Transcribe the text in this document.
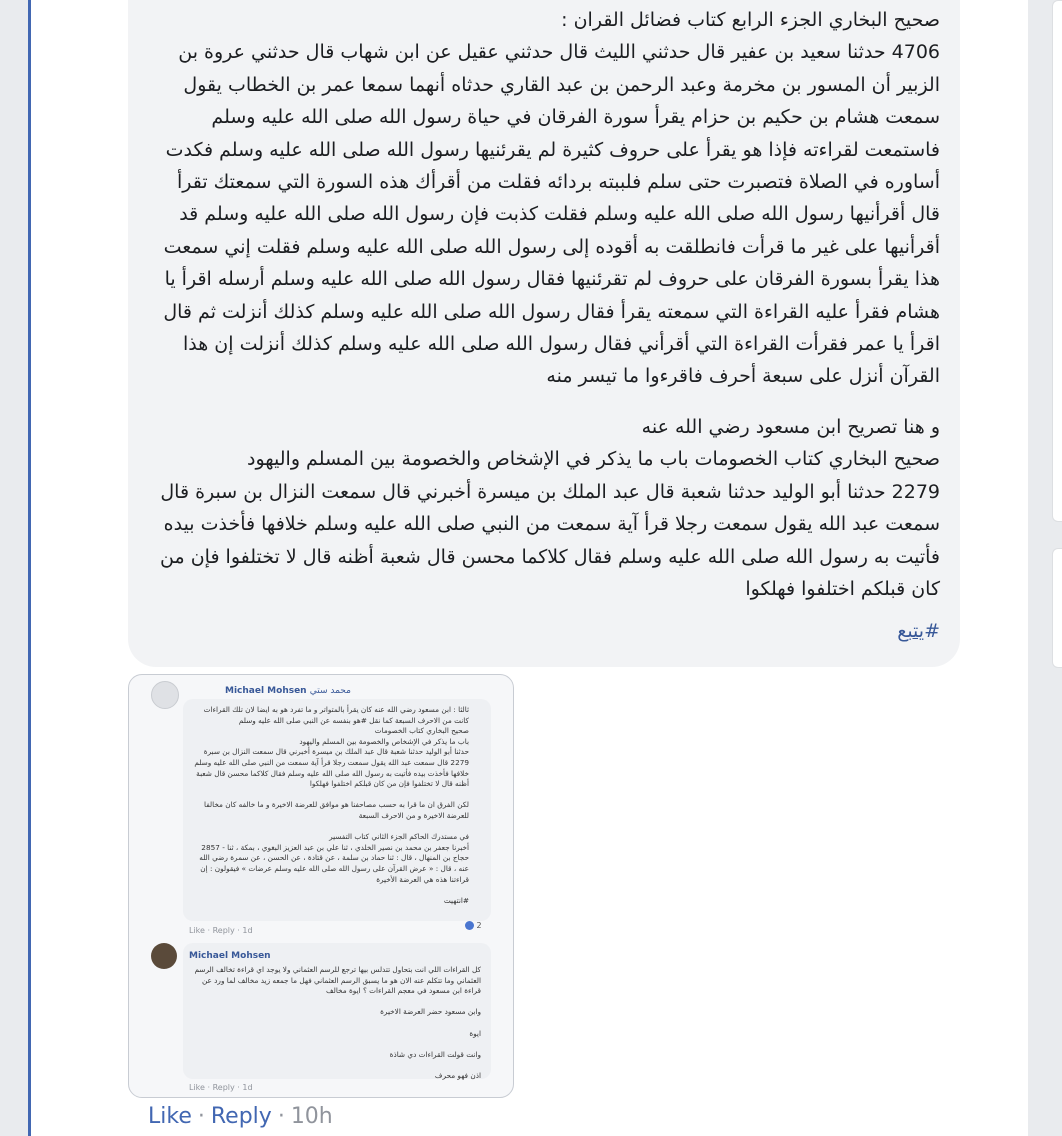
صحيح البخاري الجزء الرابع كتاب فضائل القران :
4706 حدثنا سعيد بن عفير قال حدثني الليث قال حدثني عقيل عن ابن شهاب قال حدثني عروة بن الزبير أن المسور بن مخرمة وعبد الرحمن بن عبد القاري حدثاه أنهما سمعا عمر بن الخطاب يقول سمعت هشام بن حكيم بن حزام يقرأ سورة الفرقان في حياة رسول الله صلى الله عليه وسلم فاستمعت لقراءته فإذا هو يقرأ على حروف كثيرة لم يقرئنيها رسول الله صلى الله عليه وسلم فكدت أساوره في الصلاة فتصبرت حتى سلم فلببته بردائه فقلت من أقرأك هذه السورة التي سمعتك تقرأ قال أقرأنيها رسول الله صلى الله عليه وسلم فقلت كذبت فإن رسول الله صلى الله عليه وسلم قد أقرأنيها على غير ما قرأت فانطلقت به أقوده إلى رسول الله صلى الله عليه وسلم فقلت إني سمعت هذا يقرأ بسورة الفرقان على حروف لم تقرئنيها فقال رسول الله صلى الله عليه وسلم أرسله اقرأ يا هشام فقرأ عليه القراءة التي سمعته يقرأ فقال رسول الله صلى الله عليه وسلم كذلك أنزلت ثم قال اقرأ يا عمر فقرأت القراءة التي أقرأني فقال رسول الله صلى الله عليه وسلم كذلك أنزلت إن هذا القرآن أنزل على سبعة أحرف فاقرءوا ما تيسر منه
و هنا تصريح ابن مسعود رضي الله عنه
صحيح البخاري كتاب الخصومات باب ما يذكر في الإشخاص والخصومة بين المسلم واليهود
2279 حدثنا أبو الوليد حدثنا شعبة قال عبد الملك بن ميسرة أخبرني قال سمعت النزال بن سبرة قال سمعت عبد الله يقول سمعت رجلا قرأ آية سمعت من النبي صلى الله عليه وسلم خلافها فأخذت بيده فأتيت به رسول الله صلى الله عليه وسلم فقال كلاكما محسن قال شعبة أظنه قال لا تختلفوا فإن من كان قبلكم اختلفوا فهلكوا
#يتبع
Michael Mohsen محمد ستي
ثالثا : ابن مسعود رضي الله عنه كان يقرأ بالمتواتر و ما تفرد هو به ايضا لان تلك القراءات كانت من الاحرف السبعة كما نقل #هو بنفسه عن النبي صلى الله عليه وسلم
صحيح البخاري كتاب الخصومات
باب ما يذكر في الإشخاص والخصومة بين المسلم واليهود
حدثنا أبو الوليد حدثنا شعبة قال عبد الملك بن ميسرة أخبرني قال سمعت النزال بن سبرة 2279 قال سمعت عبد الله يقول سمعت رجلا قرأ آية سمعت من النبي صلى الله عليه وسلم خلافها فأخذت بيده فأتيت به رسول الله صلى الله عليه وسلم فقال كلاكما محسن قال شعبة أظنه قال لا تختلفوا فإن من كان قبلكم اختلفوا فهلكوا

لكن الفرق ان ما قرا به حسب مصاحفنا هو موافق للعرضة الاخيرة و ما خالفه كان مخالفا للعرضة الاخيرة و من الاحرف السبعة

في مستدرك الحاكم الجزء الثاني كتاب التفسير
أخبرنا جعفر بن محمد بن نصير الخلدي ، ثنا علي بن عبد العزيز البغوي ، بمكة ، ثنا - 2857 حجاج بن المنهال ، قال : ثنا حماد بن سلمة ، عن قتادة ، عن الحسن ، عن سمرة رضي الله عنه ، قال : « عرض القرآن على رسول الله صلى الله عليه وسلم عرضات » فيقولون : إن قراءتنا هذه هي العرضة الأخيرة

#انتهيت
2
Like · Reply · 1d
Michael Mohsen
كل القراءات اللي انت بتحاول تتدلس بيها ترجع للرسم العثماني ولا يوجد اي قراءة تخالف الرسم العثماني وما تتكلم عنه الان هو ما يسبق الرسم العثماني فهل ما جمعه زيد مخالف لما ورد عن قراءة ابن مسعود في معجم القراءات ؟ ايوة مخالف

وابن مسعود حضر العرضة الاخيرة

ايوة

وانت قولت القراءات دي شاذة

اذن فهو محرف
Like · Reply · 1d
Like · Reply · 10h
